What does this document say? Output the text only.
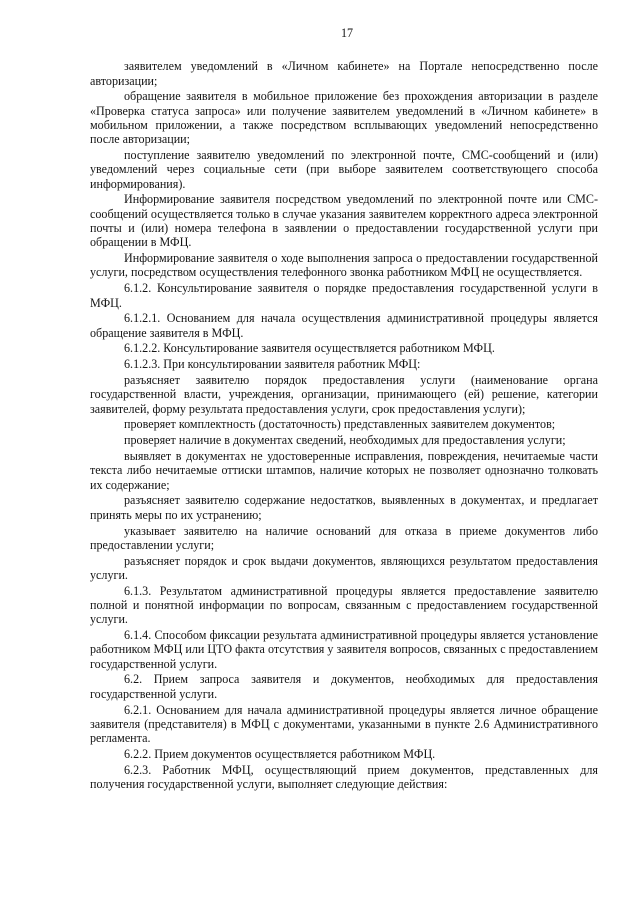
17

заявителем уведомлений в «Личном кабинете» на Портале непосредственно после авторизации;

обращение заявителя в мобильное приложение без прохождения авторизации в разделе «Проверка статуса запроса» или получение заявителем уведомлений в «Личном кабинете» в мобильном приложении, а также посредством всплывающих уведомлений непосредственно после авторизации;

поступление заявителю уведомлений по электронной почте, СМС-сообщений и (или) уведомлений через социальные сети (при выборе заявителем соответствующего способа информирования).

Информирование заявителя посредством уведомлений по электронной почте или СМС-сообщений осуществляется только в случае указания заявителем корректного адреса электронной почты и (или) номера телефона в заявлении о предоставлении государственной услуги при обращении в МФЦ.

Информирование заявителя о ходе выполнения запроса о предоставлении государственной услуги, посредством осуществления телефонного звонка работником МФЦ не осуществляется.

6.1.2. Консультирование заявителя о порядке предоставления государственной услуги в МФЦ.

6.1.2.1. Основанием для начала осуществления административной процедуры является обращение заявителя в МФЦ.

6.1.2.2. Консультирование заявителя осуществляется работником МФЦ.

6.1.2.3. При консультировании заявителя работник МФЦ:

разъясняет заявителю порядок предоставления услуги (наименование органа государственной власти, учреждения, организации, принимающего (ей) решение, категории заявителей, форму результата предоставления услуги, срок предоставления услуги);

проверяет комплектность (достаточность) представленных заявителем документов;

проверяет наличие в документах сведений, необходимых для предоставления услуги;

выявляет в документах не удостоверенные исправления, повреждения, нечитаемые части текста либо нечитаемые оттиски штампов, наличие которых не позволяет однозначно толковать их содержание;

разъясняет заявителю содержание недостатков, выявленных в документах, и предлагает принять меры по их устранению;

указывает заявителю на наличие оснований для отказа в приеме документов либо предоставлении услуги;

разъясняет порядок и срок выдачи документов, являющихся результатом предоставления услуги.

6.1.3. Результатом административной процедуры является предоставление заявителю полной и понятной информации по вопросам, связанным с предоставлением государственной услуги.

6.1.4. Способом фиксации результата административной процедуры является установление работником МФЦ или ЦТО факта отсутствия у заявителя вопросов, связанных с предоставлением государственной услуги.

6.2. Прием запроса заявителя и документов, необходимых для предоставления государственной услуги.

6.2.1. Основанием для начала административной процедуры является личное обращение заявителя (представителя) в МФЦ с документами, указанными в пункте 2.6 Административного регламента.

6.2.2. Прием документов осуществляется работником МФЦ.

6.2.3. Работник МФЦ, осуществляющий прием документов, представленных для получения государственной услуги, выполняет следующие действия:
